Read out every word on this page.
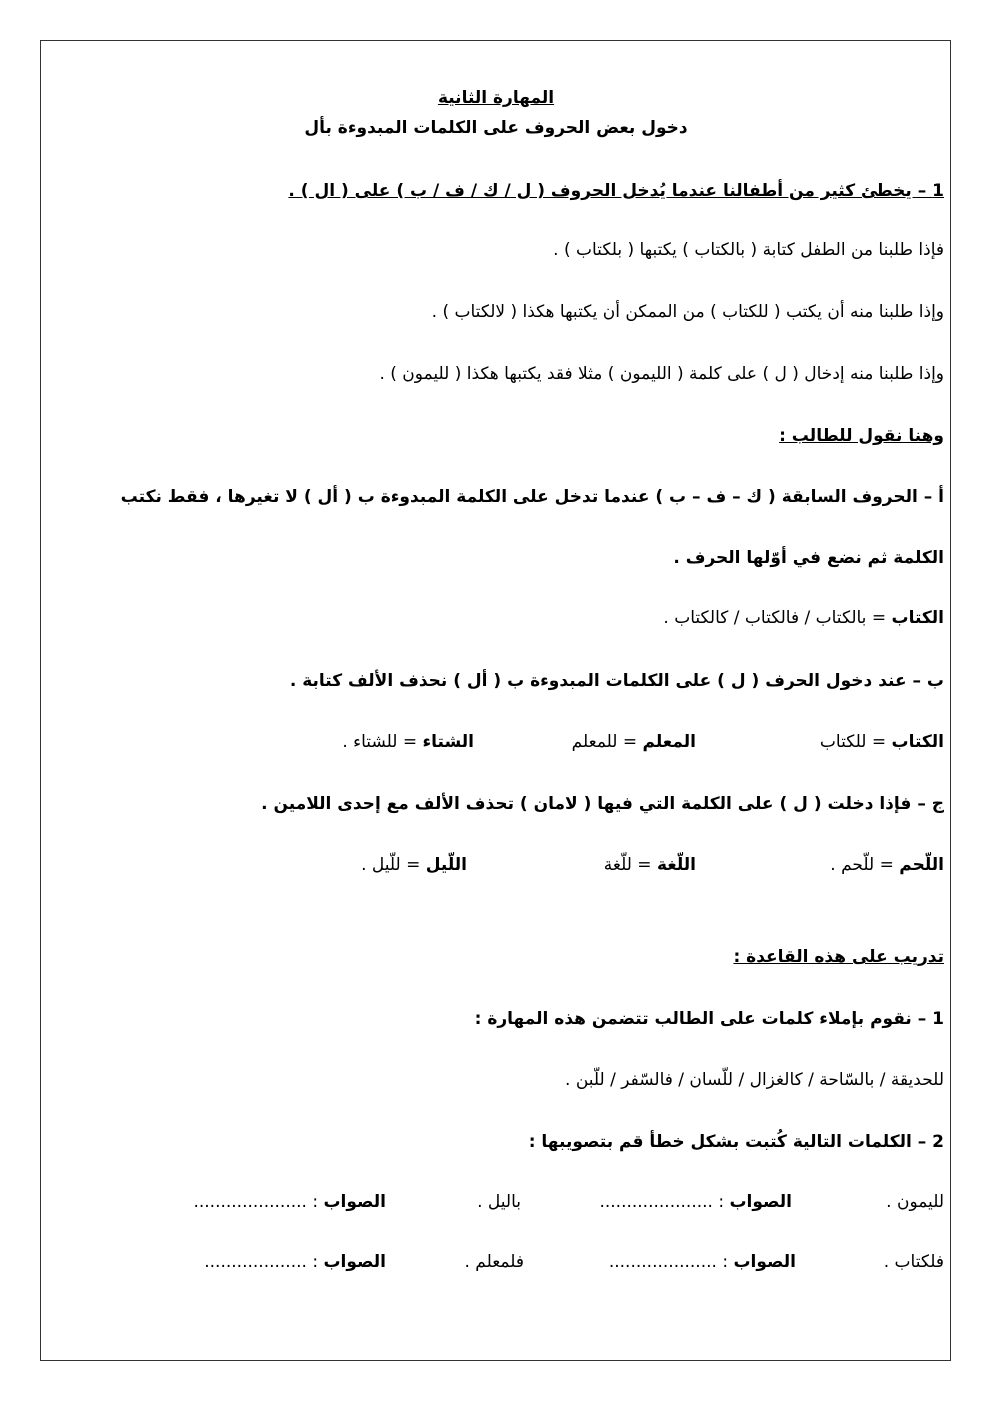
المهارة الثانية
دخول بعض الحروف على الكلمات المبدوءة بأل
1 – يخطئ كثير من أطفالنا عندما يُدخل الحروف ( ل / ك / ف / ب ) على ( ال ) .
فإذا طلبنا من الطفل كتابة ( بالكتاب ) يكتبها ( بلكتاب ) .
وإذا طلبنا منه أن يكتب ( للكتاب ) من الممكن أن يكتبها هكذا ( لالكتاب ) .
وإذا طلبنا منه إدخال ( ل ) على كلمة ( الليمون ) مثلا فقد يكتبها هكذا ( لليمون ) .
وهنا نقول للطالب :
أ – الحروف السابقة ( ك – ف – ب ) عندما تدخل على الكلمة المبدوءة ب ( أل ) لا تغيرها ، فقط نكتب
الكلمة ثم نضع في أوّلها الحرف .
الكتاب = بالكتاب / فالكتاب / كالكتاب .
ب – عند دخول الحرف ( ل ) على الكلمات المبدوءة ب ( أل ) نحذف الألف كتابة .
الكتاب = للكتاب
المعلم = للمعلم
الشتاء = للشتاء .
ج – فإذا دخلت ( ل ) على الكلمة التي فيها ( لامان ) تحذف الألف مع إحدى اللامين .
اللّحم = للّحم .
اللّغة = للّغة
اللّيل = للّيل .
تدريب على هذه القاعدة :
1 – نقوم بإملاء كلمات على الطالب تتضمن هذه المهارة :
للحديقة / بالسّاحة / كالغزال / للّسان / فالسّفر / للّبن .
2 – الكلمات التالية كُتبت بشكل خطأ قم بتصويبها :
لليمون .
الصواب : .....................
باليل .
الصواب : .....................
فلكتاب .
الصواب : ....................
فلمعلم .
الصواب : ...................
